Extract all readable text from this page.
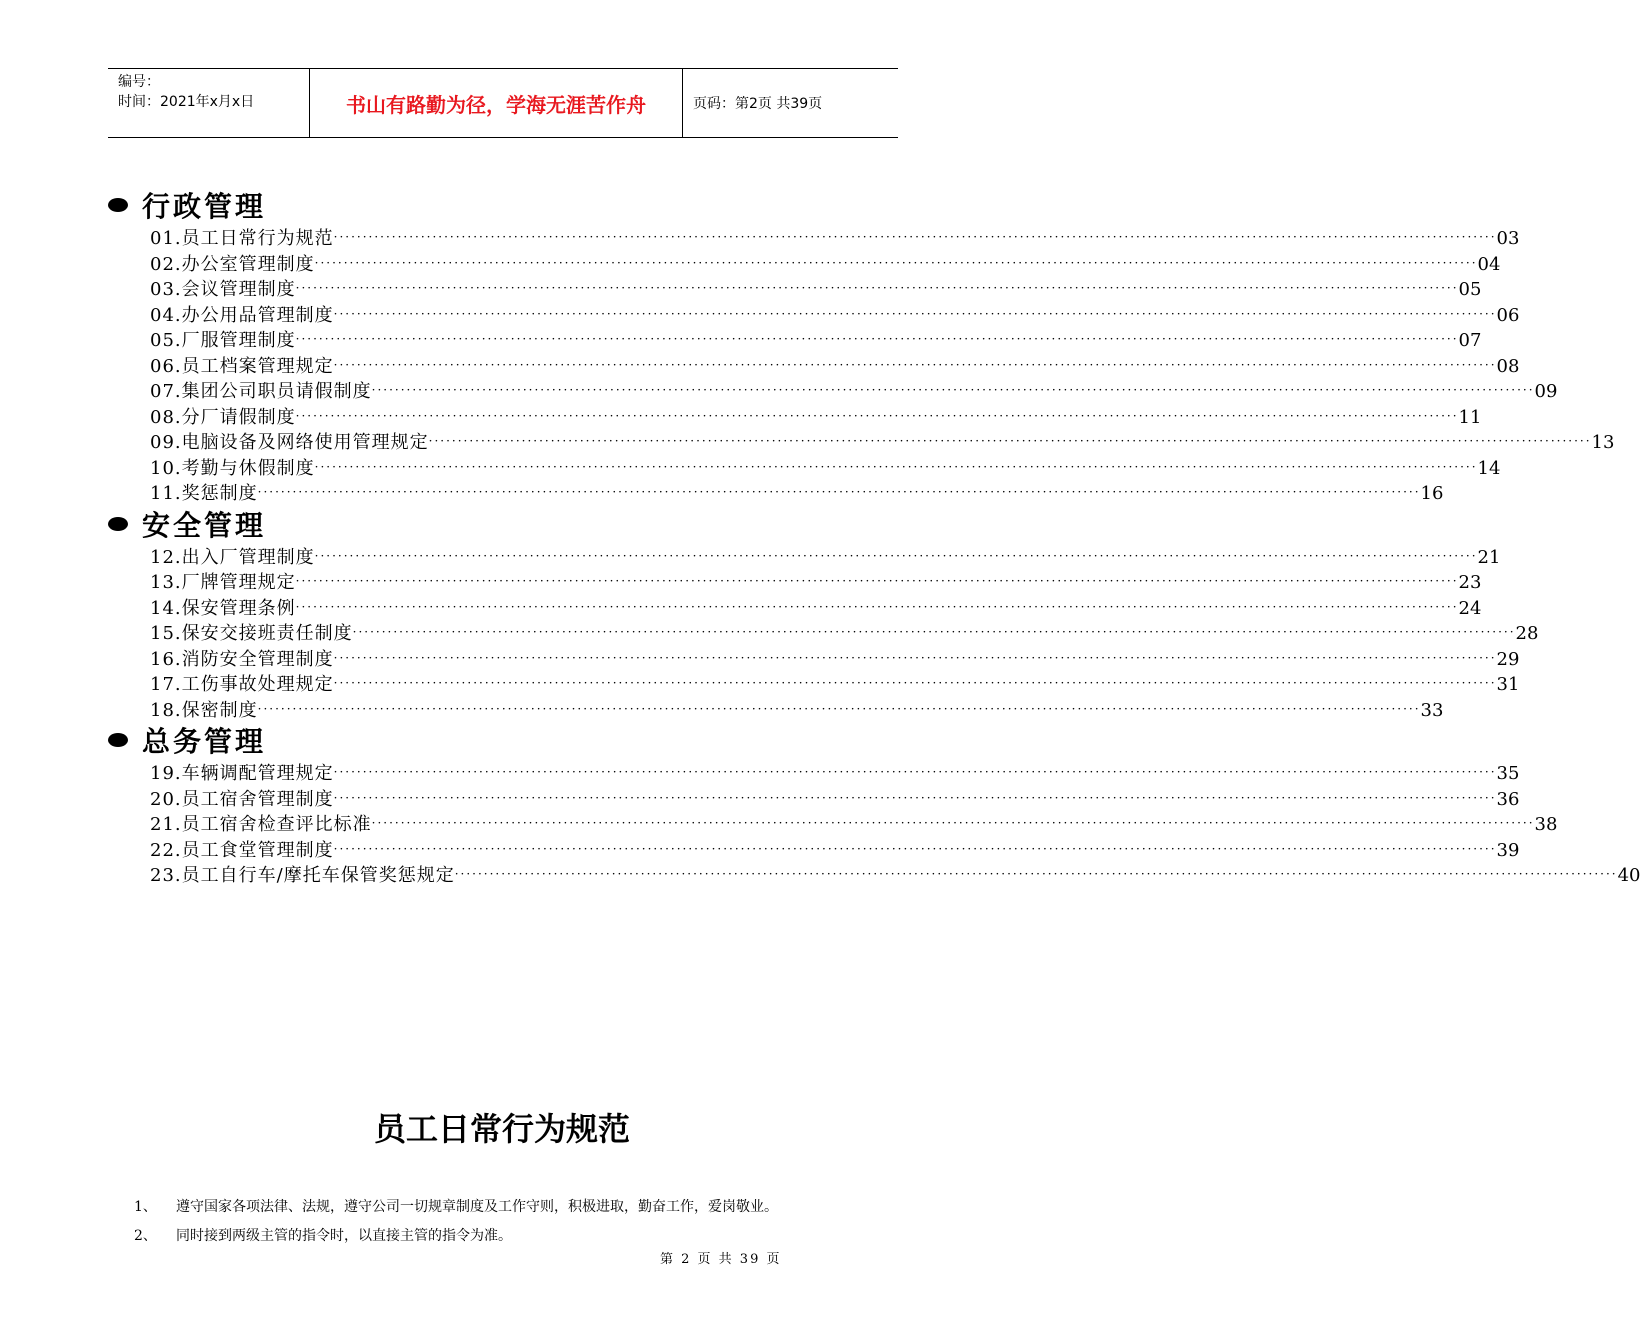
编号：
时间：2021年x月x日	书山有路勤为径，学海无涯苦作舟	页码：第2页 共39页
行政管理
01. 员工日常行为规范 ········································································································································································································ 03
02. 办公室管理制度 ········································································································································································································ 04
03. 会议管理制度 ········································································································································································································ 05
04. 办公用品管理制度 ········································································································································································································ 06
05. 厂服管理制度 ········································································································································································································ 07
06. 员工档案管理规定 ········································································································································································································ 08
07. 集团公司职员请假制度 ········································································································································································································ 09
08. 分厂请假制度 ········································································································································································································ 11
09. 电脑设备及网络使用管理规定 ········································································································································································································ 13
10. 考勤与休假制度 ········································································································································································································ 14
11. 奖惩制度 ········································································································································································································ 16
安全管理
12. 出入厂管理制度 ········································································································································································································ 21
13. 厂牌管理规定 ········································································································································································································ 23
14. 保安管理条例 ········································································································································································································ 24
15. 保安交接班责任制度 ········································································································································································································ 28
16. 消防安全管理制度 ········································································································································································································ 29
17. 工伤事故处理规定 ········································································································································································································ 31
18. 保密制度 ········································································································································································································ 33
总务管理
19. 车辆调配管理规定 ········································································································································································································ 35
20. 员工宿舍管理制度 ········································································································································································································ 36
21. 员工宿舍检查评比标准 ········································································································································································································ 38
22. 员工食堂管理制度 ········································································································································································································ 39
23. 员工自行车/摩托车保管奖惩规定 ········································································································································································································ 40
员工日常行为规范
1、	遵守国家各项法律、法规，遵守公司一切规章制度及工作守则，积极进取，勤奋工作，爱岗敬业。
2、	同时接到两级主管的指令时，以直接主管的指令为准。
第 2 页 共 39 页
